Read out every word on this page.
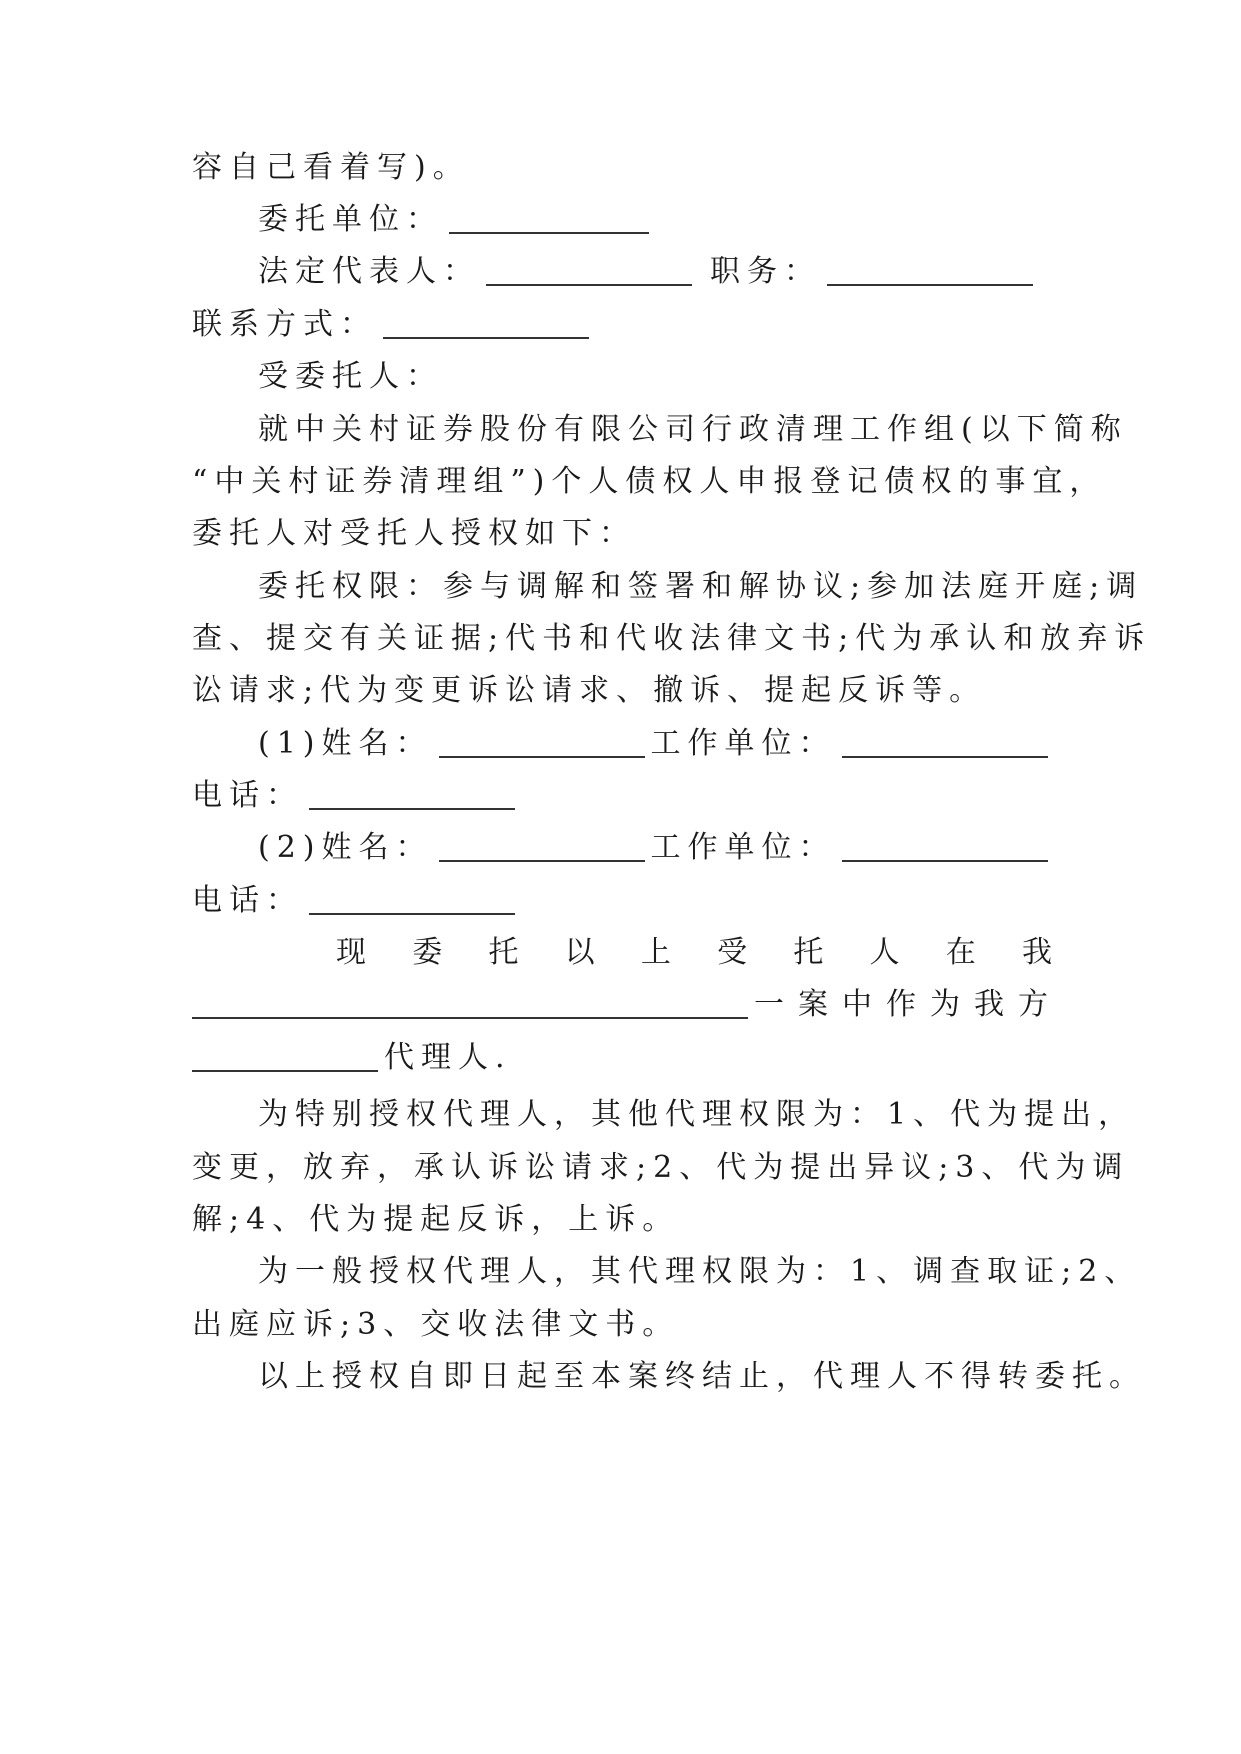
容自己看着写)。
委托单位：
法定代表人：	职务：
联系方式：
受委托人：
就中关村证券股份有限公司行政清理工作组(以下简称
“中关村证券清理组”)个人债权人申报登记债权的事宜，
委托人对受托人授权如下：
委托权限：参与调解和签署和解协议;参加法庭开庭;调
查、提交有关证据;代书和代收法律文书;代为承认和放弃诉
讼请求;代为变更诉讼请求、撤诉、提起反诉等。
(1)姓名：	工作单位：
电话：
(2)姓名：	工作单位：
电话：
现 委 托 以 上 受 托 人 在 我
一案中作为我方
代理人.
为特别授权代理人，其他代理权限为：1、代为提出，
变更，放弃，承认诉讼请求;2、代为提出异议;3、代为调
解;4、代为提起反诉，上诉。
为一般授权代理人，其代理权限为：1、调查取证;2、
出庭应诉;3、交收法律文书。
以上授权自即日起至本案终结止，代理人不得转委托。
